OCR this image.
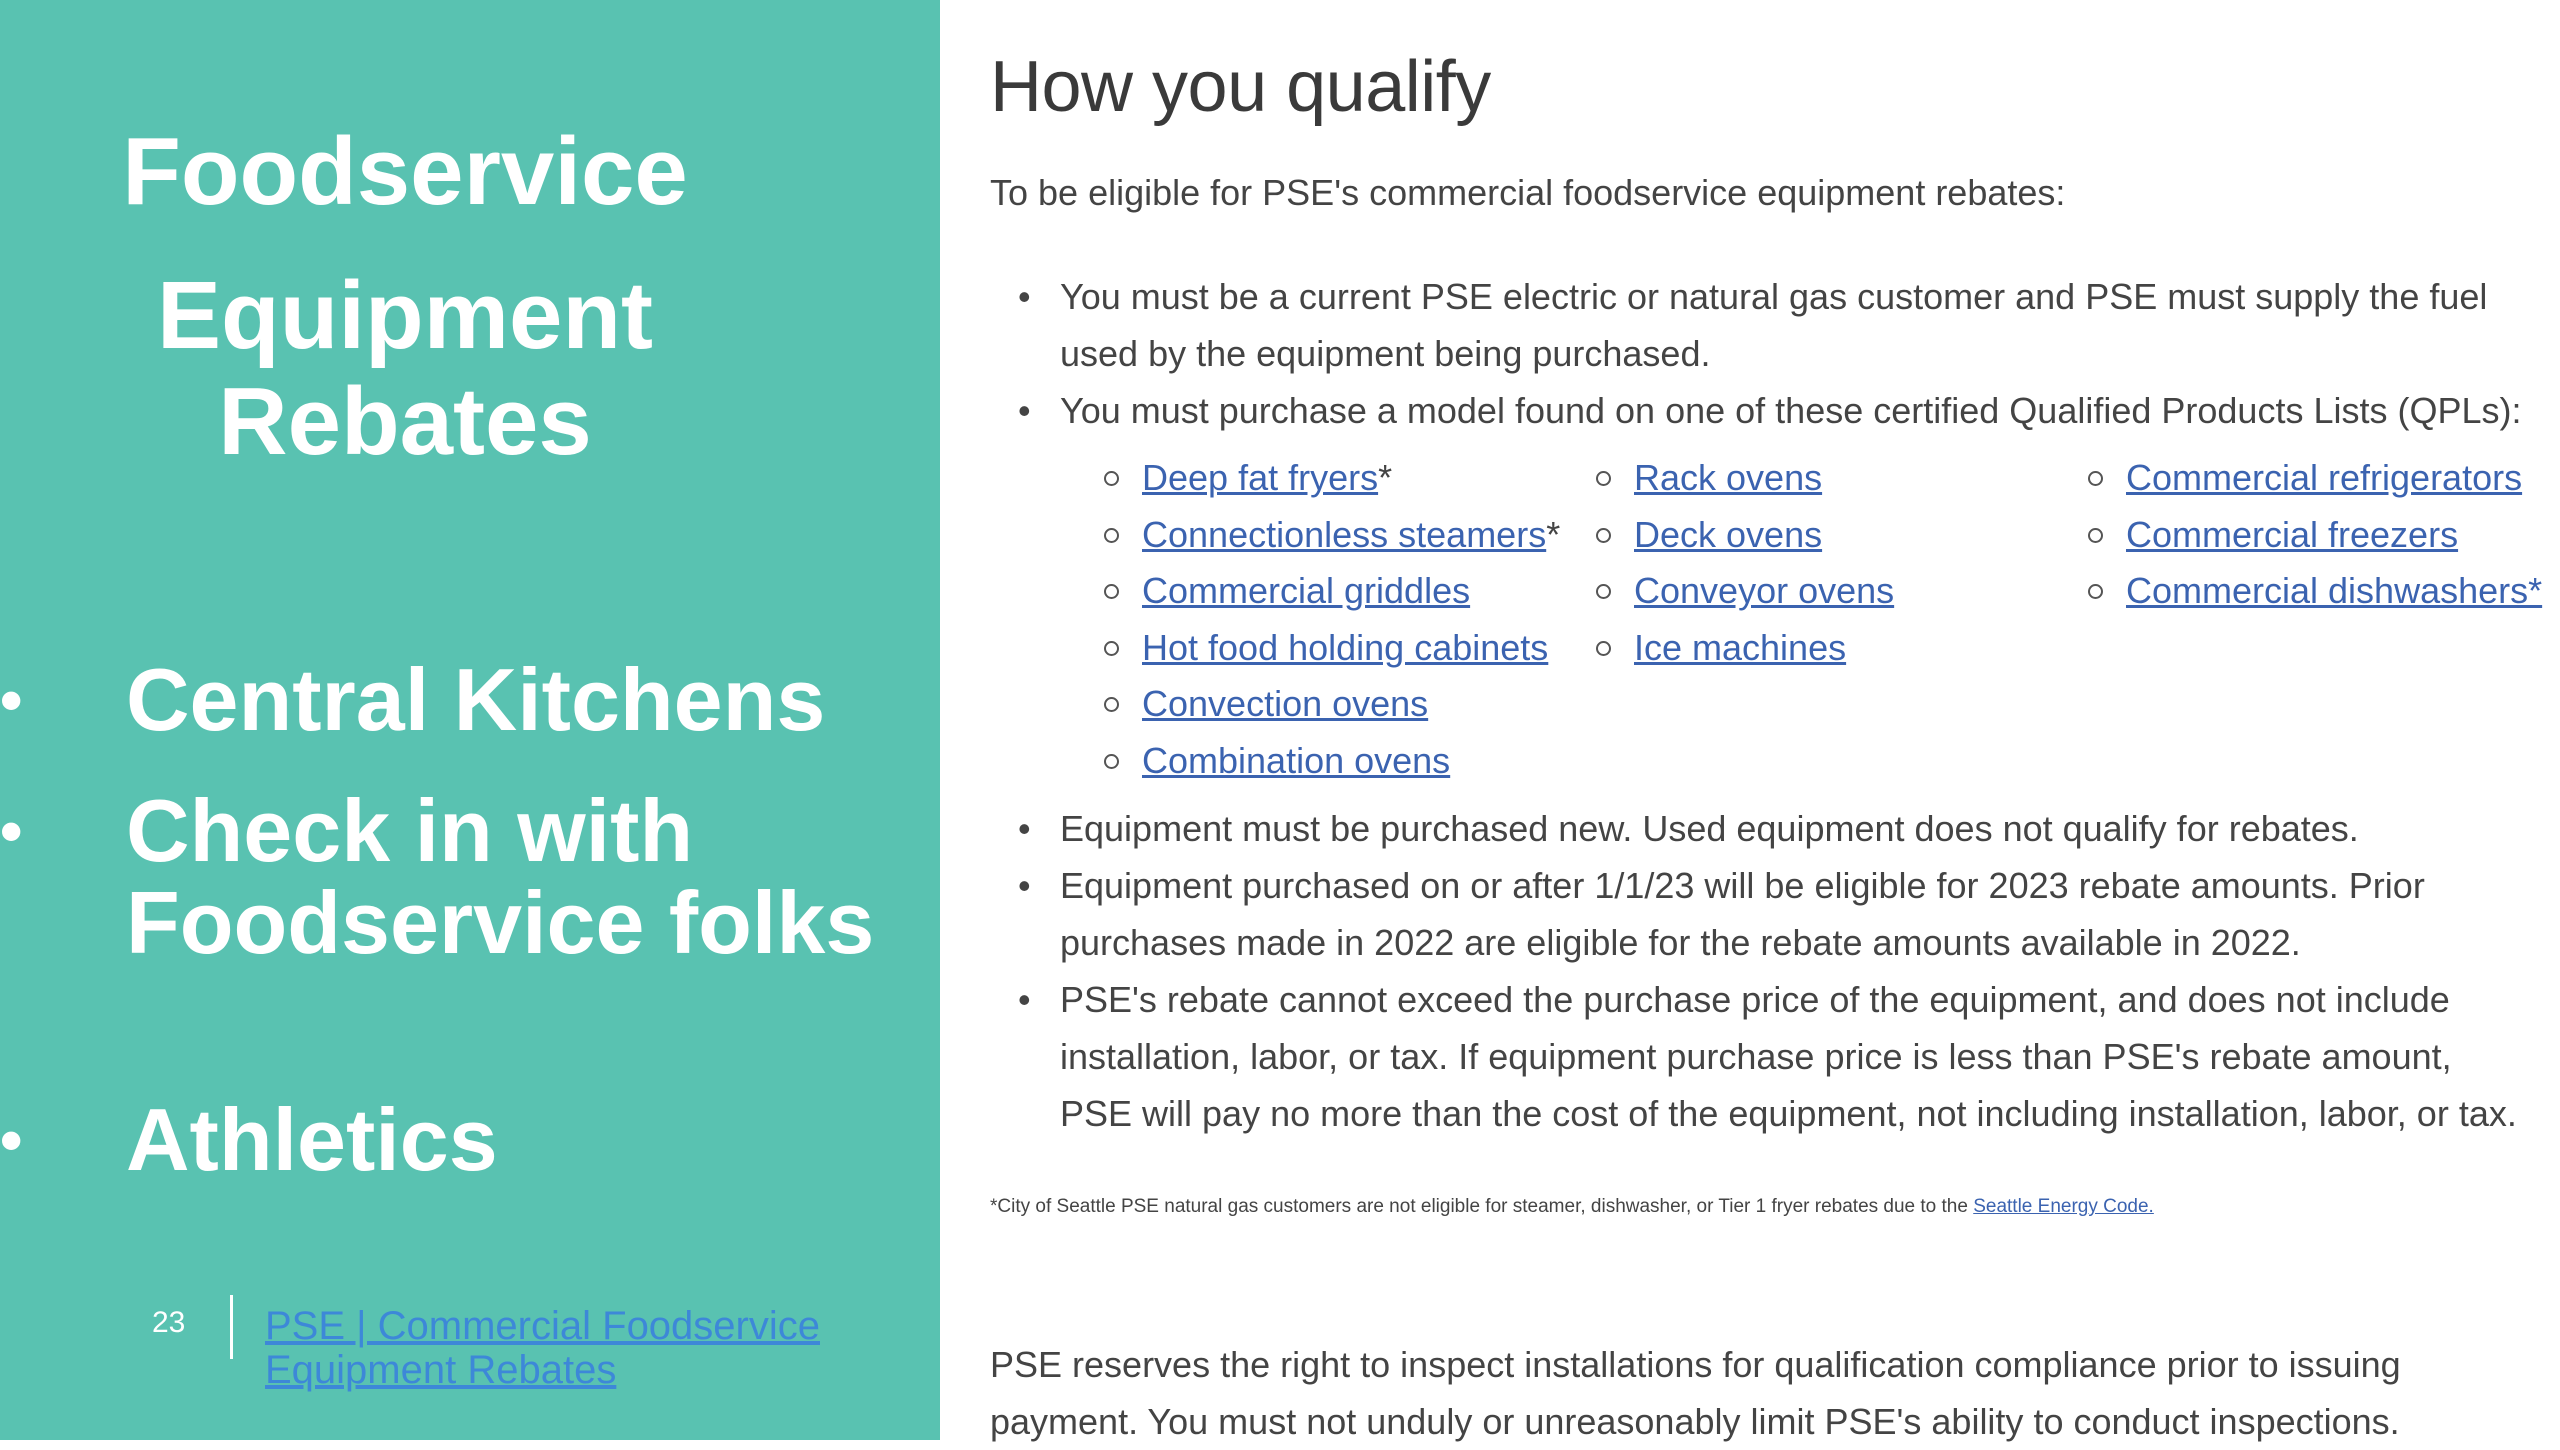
Foodservice
Equipment
Rebates
• Central Kitchens
• Check in with Foodservice folks
• Athletics
23 PSE | Commercial Foodservice Equipment Rebates
How you qualify
To be eligible for PSE's commercial foodservice equipment rebates:
• You must be a current PSE electric or natural gas customer and PSE must supply the fuel used by the equipment being purchased.
• You must purchase a model found on one of these certified Qualified Products Lists (QPLs):
Deep fat fryers*
Connectionless steamers*
Commercial griddles
Hot food holding cabinets
Convection ovens
Combination ovens
Rack ovens
Deck ovens
Conveyor ovens
Ice machines
Commercial refrigerators
Commercial freezers
Commercial dishwashers*
• Equipment must be purchased new. Used equipment does not qualify for rebates.
• Equipment purchased on or after 1/1/23 will be eligible for 2023 rebate amounts. Prior purchases made in 2022 are eligible for the rebate amounts available in 2022.
• PSE's rebate cannot exceed the purchase price of the equipment, and does not include installation, labor, or tax. If equipment purchase price is less than PSE's rebate amount, PSE will pay no more than the cost of the equipment, not including installation, labor, or tax.
*City of Seattle PSE natural gas customers are not eligible for steamer, dishwasher, or Tier 1 fryer rebates due to the Seattle Energy Code.
PSE reserves the right to inspect installations for qualification compliance prior to issuing payment. You must not unduly or unreasonably limit PSE's ability to conduct inspections.
